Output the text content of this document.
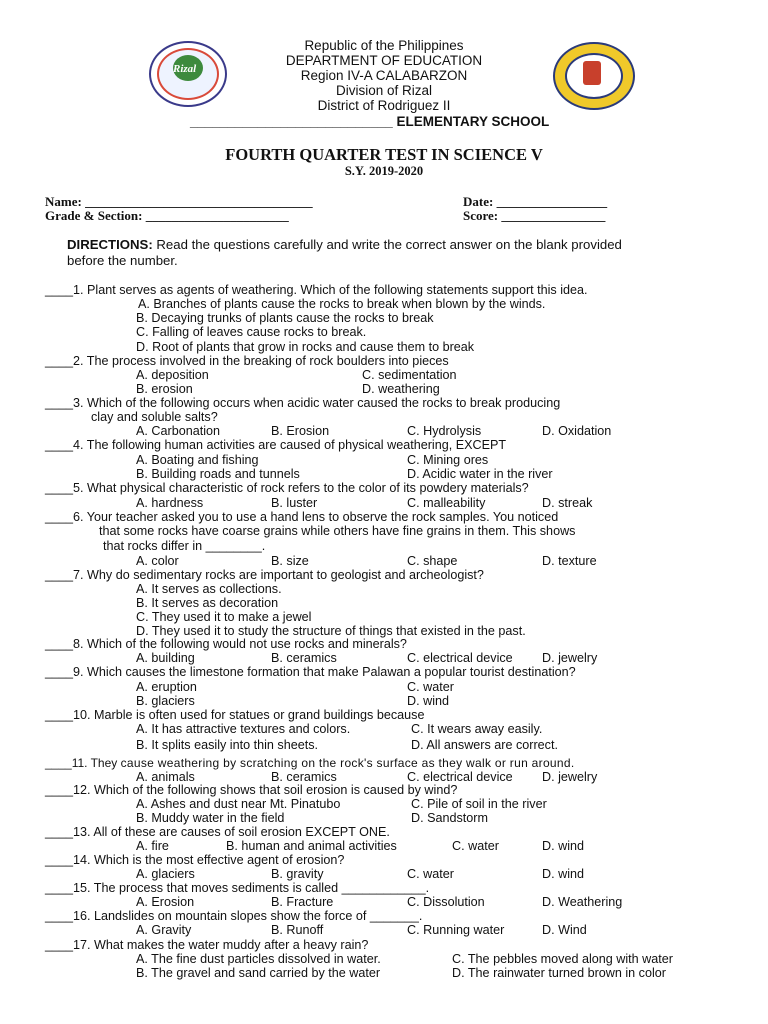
Rizal
Republic of the Philippines
DEPARTMENT OF EDUCATION
Region IV-A CALABARZON
Division of Rizal
District of Rodriguez II
___________________________ ELEMENTARY SCHOOL
FOURTH QUARTER TEST IN SCIENCE V
S.Y. 2019-2020
Name: ___________________________________
Grade & Section: ______________________
Date: _________________
Score: ________________
DIRECTIONS: Read the questions carefully and write the correct answer on the blank provided
before the number.
____1. Plant serves as agents of weathering. Which of the following statements support this idea.
A. Branches of plants cause the rocks to break when blown by the winds.
B. Decaying trunks of plants cause the rocks to break
C. Falling of leaves cause rocks to break.
D. Root of plants that grow in rocks and cause them to break
____2. The process involved in the breaking of rock boulders into pieces
A. deposition	C. sedimentation
B. erosion	D. weathering
____3. Which of the following occurs when acidic water caused the rocks to break producing
clay and soluble salts?
A. Carbonation	B. Erosion	C. Hydrolysis	D. Oxidation
____4. The following human activities are caused of physical weathering, EXCEPT
A. Boating and fishing	C. Mining ores
B. Building roads and tunnels	D. Acidic water in the river
____5. What physical characteristic of rock refers to the color of its powdery materials?
A. hardness	B. luster	C. malleability	D. streak
____6. Your teacher asked you to use a hand lens to observe the rock samples. You noticed
that some rocks have coarse grains while others have fine grains in them. This shows
that rocks differ in ________.
A. color	B. size	C. shape	D. texture
____7. Why do sedimentary rocks are important to geologist and archeologist?
A. It serves as collections.
B. It serves as decoration
C. They used it to make a jewel
D. They used it to study the structure of things that existed in the past.
____8. Which of the following would not use rocks and minerals?
A. building	B. ceramics	C. electrical device D. jewelry
____9. Which causes the limestone formation that make Palawan a popular tourist destination?
A. eruption	C. water
B. glaciers	D. wind
____10. Marble is often used for statues or grand buildings because
A. It has attractive textures and colors.	C. It wears away easily.
B. It splits easily into thin sheets.	D. All answers are correct.
____11. They cause weathering by scratching on the rock's surface as they walk or run around.
A. animals	B. ceramics	C. electrical device D. jewelry
____12. Which of the following shows that soil erosion is caused by wind?
A. Ashes and dust near Mt. Pinatubo	C. Pile of soil in the river
B. Muddy water in the field	D. Sandstorm
____13. All of these are causes of soil erosion EXCEPT ONE.
A. fire	B. human and animal activities	C. water	D. wind
____14. Which is the most effective agent of erosion?
A. glaciers	B. gravity	C. water	D. wind
____15. The process that moves sediments is called ____________.
A. Erosion	B. Fracture	C. Dissolution	D. Weathering
____16. Landslides on mountain slopes show the force of _______.
A. Gravity	B. Runoff	C. Running water	D. Wind
____17. What makes the water muddy after a heavy rain?
A. The fine dust particles dissolved in water.	C. The pebbles moved along with water
B. The gravel and sand carried by the water	D. The rainwater turned brown in color
